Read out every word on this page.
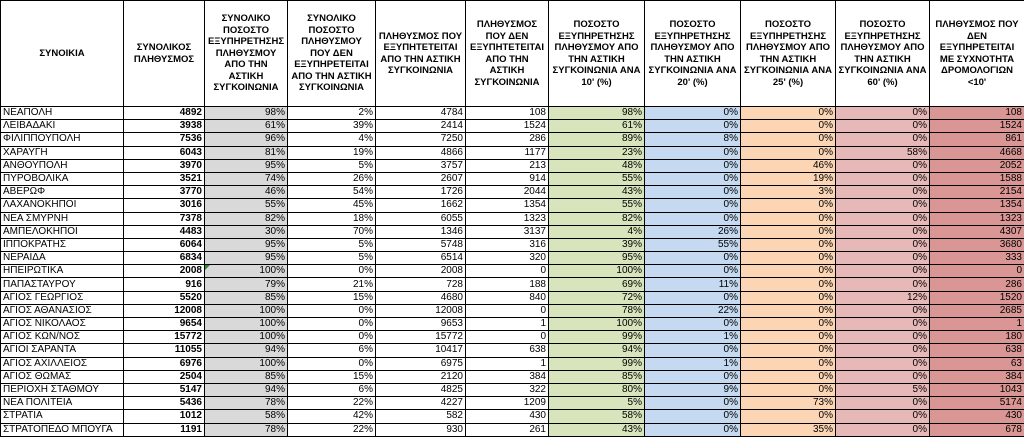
ΣΥΝΟΙΚΙΑ	ΣΥΝΟΛΙΚΟΣ ΠΛΗΘΥΣΜΟΣ	ΣΥΝΟΛΙΚΟ ΠΟΣΟΣΤΟ ΕΞΥΠΗΡΕΤΗΣΗΣ ΠΛΗΘΥΣΜΟΥ ΑΠΟ ΤΗΝ ΑΣΤΙΚΗ ΣΥΓΚΟΙΝΩΝΙΑ	ΣΥΝΟΛΙΚΟ ΠΟΣΟΣΤΟ ΠΛΗΘΥΣΜΟΥ ΠΟΥ ΔΕΝ ΕΞΥΠΗΡΕΤΕΙΤΑΙ ΑΠΟ ΤΗΝ ΑΣΤΙΚΗ ΣΥΓΚΟΙΝΩΝΙΑ	ΠΛΗΘΥΣΜΟΣ ΠΟΥ ΕΞΥΠΗΤΕΤΕΙΤΑΙ ΑΠΟ ΤΗΝ ΑΣΤΙΚΗ ΣΥΓΚΟΙΝΩΝΙΑ	ΠΛΗΘΥΣΜΟΣ ΠΟΥ ΔΕΝ ΕΞΥΠΗΤΕΤΕΙΤΑΙ ΑΠΟ ΤΗΝ ΑΣΤΙΚΗ ΣΥΓΚΟΙΝΩΝΙΑ	ΠΟΣΟΣΤΟ ΕΞΥΠΗΡΕΤΗΣΗΣ ΠΛΗΘΥΣΜΟΥ ΑΠΟ ΤΗΝ ΑΣΤΙΚΗ ΣΥΓΚΟΙΝΩΝΙΑ ΑΝΑ 10' (%)	ΠΟΣΟΣΤΟ ΕΞΥΠΗΡΕΤΗΣΗΣ ΠΛΗΘΥΣΜΟΥ ΑΠΟ ΤΗΝ ΑΣΤΙΚΗ ΣΥΓΚΟΙΝΩΝΙΑ ΑΝΑ 20' (%)	ΠΟΣΟΣΤΟ ΕΞΥΠΗΡΕΤΗΣΗΣ ΠΛΗΘΥΣΜΟΥ ΑΠΟ ΤΗΝ ΑΣΤΙΚΗ ΣΥΓΚΟΙΝΩΝΙΑ ΑΝΑ 25' (%)	ΠΟΣΟΣΤΟ ΕΞΥΠΗΡΕΤΗΣΗΣ ΠΛΗΘΥΣΜΟΥ ΑΠΟ ΤΗΝ ΑΣΤΙΚΗ ΣΥΓΚΟΙΝΩΝΙΑ ΑΝΑ 60' (%)	ΠΛΗΘΥΣΜΟΣ ΠΟΥ ΔΕΝ ΕΞΥΠΗΡΕΤΕΙΤΑΙ ΜΕ ΣΥΧΝΟΤΗΤΑ ΔΡΟΜΟΛΟΓΙΩΝ <10'
ΝΕΑΠΟΛΗ	4892	98%	2%	4784	108	98%	0%	0%	0%	108
ΛΕΙΒΑΔΑΚΙ	3938	61%	39%	2414	1524	61%	0%	0%	0%	1524
ΦΙΛΙΠΠΟΥΠΟΛΗ	7536	96%	4%	7250	286	89%	8%	0%	0%	861
ΧΑΡΑΥΓΗ	6043	81%	19%	4866	1177	23%	0%	0%	58%	4668
ΑΝΘΟΥΠΟΛΗ	3970	95%	5%	3757	213	48%	0%	46%	0%	2052
ΠΥΡΟΒΟΛΙΚΑ	3521	74%	26%	2607	914	55%	0%	19%	0%	1588
ΑΒΕΡΩΦ	3770	46%	54%	1726	2044	43%	0%	3%	0%	2154
ΛΑΧΑΝΟΚΗΠΟΙ	3016	55%	45%	1662	1354	55%	0%	0%	0%	1354
ΝΕΑ ΣΜΥΡΝΗ	7378	82%	18%	6055	1323	82%	0%	0%	0%	1323
ΑΜΠΕΛΟΚΗΠΟΙ	4483	30%	70%	1346	3137	4%	26%	0%	0%	4307
ΙΠΠΟΚΡΑΤΗΣ	6064	95%	5%	5748	316	39%	55%	0%	0%	3680
ΝΕΡΑΙΔΑ	6834	95%	5%	6514	320	95%	0%	0%	0%	333
ΗΠΕΙΡΩΤΙΚΑ	2008	100%	0%	2008	0	100%	0%	0%	0%	0
ΠΑΠΑΣΤΑΥΡΟΥ	916	79%	21%	728	188	69%	11%	0%	0%	286
ΑΓΙΟΣ ΓΕΩΡΓΙΟΣ	5520	85%	15%	4680	840	72%	0%	0%	12%	1520
ΑΓΙΟΣ ΑΘΑΝΑΣΙΟΣ	12008	100%	0%	12008	0	78%	22%	0%	0%	2685
ΑΓΙΟΣ ΝΙΚΟΛΑΟΣ	9654	100%	0%	9653	1	100%	0%	0%	0%	1
ΑΓΙΟΣ ΚΩΝ/ΝΟΣ	15772	100%	0%	15772	0	99%	1%	0%	0%	180
ΑΓΙΟΙ ΣΑΡΑΝΤΑ	11055	94%	6%	10417	638	94%	0%	0%	0%	638
ΑΓΙΟΣ ΑΧΙΛΛΕΙΟΣ	6976	100%	0%	6975	1	99%	1%	0%	0%	63
ΑΓΙΟΣ ΘΩΜΑΣ	2504	85%	15%	2120	384	85%	0%	0%	0%	384
ΠΕΡΙΟΧΗ ΣΤΑΘΜΟΥ	5147	94%	6%	4825	322	80%	9%	0%	5%	1043
ΝΕΑ ΠΟΛΙΤΕΙΑ	5436	78%	22%	4227	1209	5%	0%	73%	0%	5174
ΣΤΡΑΤΙΑ	1012	58%	42%	582	430	58%	0%	0%	0%	430
ΣΤΡΑΤΟΠΕΔΟ ΜΠΟΥΓΑ	1191	78%	22%	930	261	43%	0%	35%	0%	678
